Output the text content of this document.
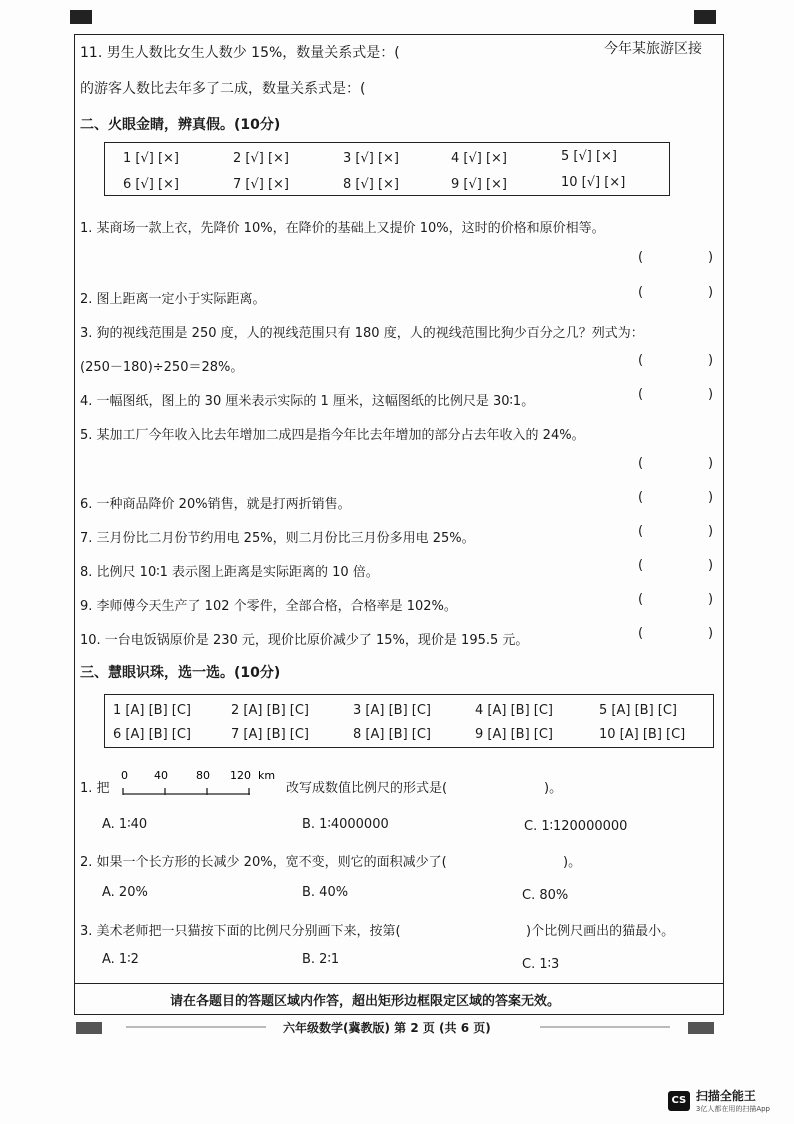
11. 男生人数比女生人数少 15%，数量关系式是：(	今年某旅游区接
的游客人数比去年多了二成，数量关系式是：(
二、火眼金睛，辨真假。(10分)
1 [√] [×]	2 [√] [×]	3 [√] [×]	4 [√] [×]	5 [√] [×]
6 [√] [×]	7 [√] [×]	8 [√] [×]	9 [√] [×]	10 [√] [×]
1. 某商场一款上衣，先降价 10%，在降价的基础上又提价 10%，这时的价格和原价相等。
(	)
2. 图上距离一定小于实际距离。	(	)
3. 狗的视线范围是 250 度，人的视线范围只有 180 度，人的视线范围比狗少百分之几？列式为：
(250－180)÷250＝28%。	(	)
4. 一幅图纸，图上的 30 厘米表示实际的 1 厘米，这幅图纸的比例尺是 30∶1。	(	)
5. 某加工厂今年收入比去年增加二成四是指今年比去年增加的部分占去年收入的 24%。
(	)
6. 一种商品降价 20%销售，就是打两折销售。	(	)
7. 三月份比二月份节约用电 25%，则二月份比三月份多用电 25%。	(	)
8. 比例尺 10∶1 表示图上距离是实际距离的 10 倍。	(	)
9. 李师傅今天生产了 102 个零件，全部合格，合格率是 102%。	(	)
10. 一台电饭锅原价是 230 元，现价比原价减少了 15%，现价是 195.5 元。	(	)
三、慧眼识珠，选一选。(10分)
1 [A] [B] [C]	2 [A] [B] [C]	3 [A] [B] [C]	4 [A] [B] [C]	5 [A] [B] [C]
6 [A] [B] [C]	7 [A] [B] [C]	8 [A] [B] [C]	9 [A] [B] [C]	10 [A] [B] [C]
1. 把
0 40	80 120 km
改写成数值比例尺的形式是(	)。
A. 1∶40	B. 1∶4000000	C. 1∶120000000
2. 如果一个长方形的长减少 20%，宽不变，则它的面积减少了(	)。
A. 20%	B. 40%	C. 80%
3. 美术老师把一只猫按下面的比例尺分别画下来，按第(	)个比例尺画出的猫最小。
A. 1∶2	B. 2∶1	C. 1∶3
请在各题目的答题区域内作答，超出矩形边框限定区域的答案无效。
六年级数学(冀教版) 第 2 页 (共 6 页)
CS 扫描全能王
3亿人都在用的扫描App
